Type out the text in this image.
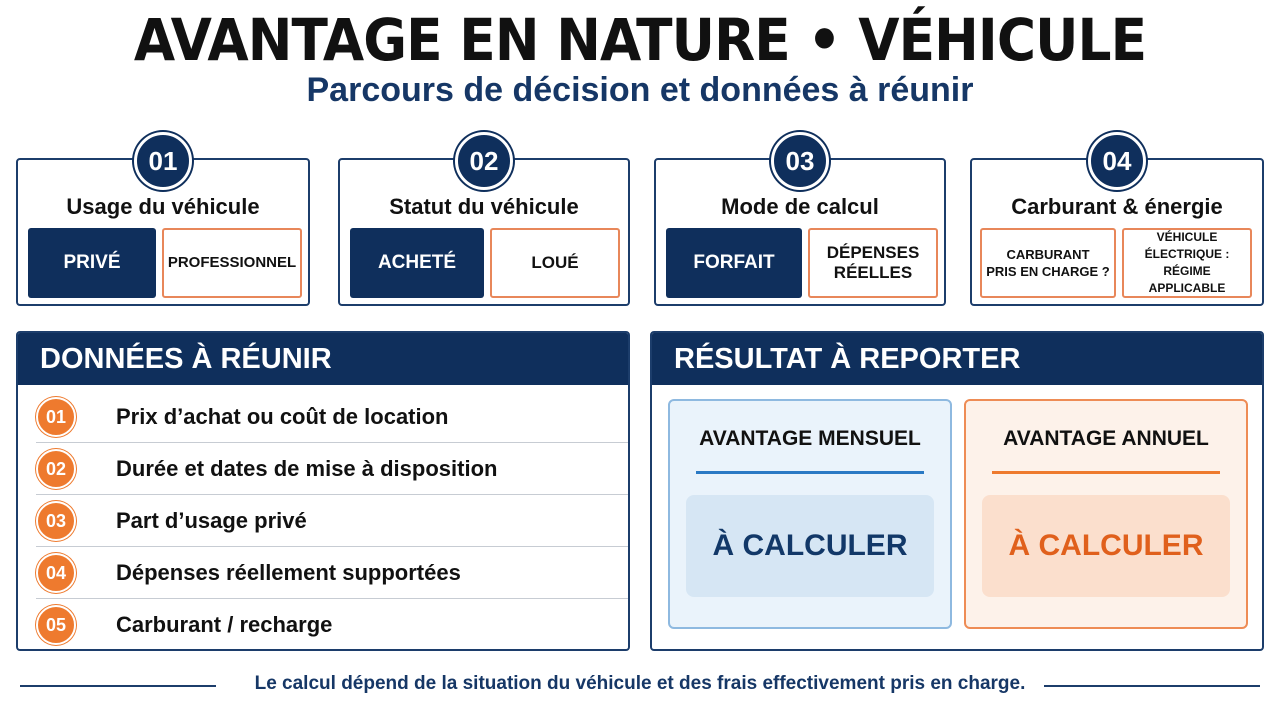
AVANTAGE EN NATURE • VÉHICULE
Parcours de décision et données à réunir
01
Usage du véhicule
PRIVÉ	PROFESSIONNEL
02
Statut du véhicule
ACHETÉ	LOUÉ
03
Mode de calcul
FORFAIT	DÉPENSES
RÉELLES
04
Carburant & énergie
CARBURANT
PRIS EN CHARGE ?
VÉHICULE
ÉLECTRIQUE :
RÉGIME APPLICABLE
DONNÉES À RÉUNIR
01	Prix d’achat ou coût de location
02	Durée et dates de mise à disposition
03	Part d’usage privé
04	Dépenses réellement supportées
05	Carburant / recharge
RÉSULTAT À REPORTER
AVANTAGE MENSUEL
À CALCULER
AVANTAGE ANNUEL
À CALCULER
Le calcul dépend de la situation du véhicule et des frais effectivement pris en charge.
